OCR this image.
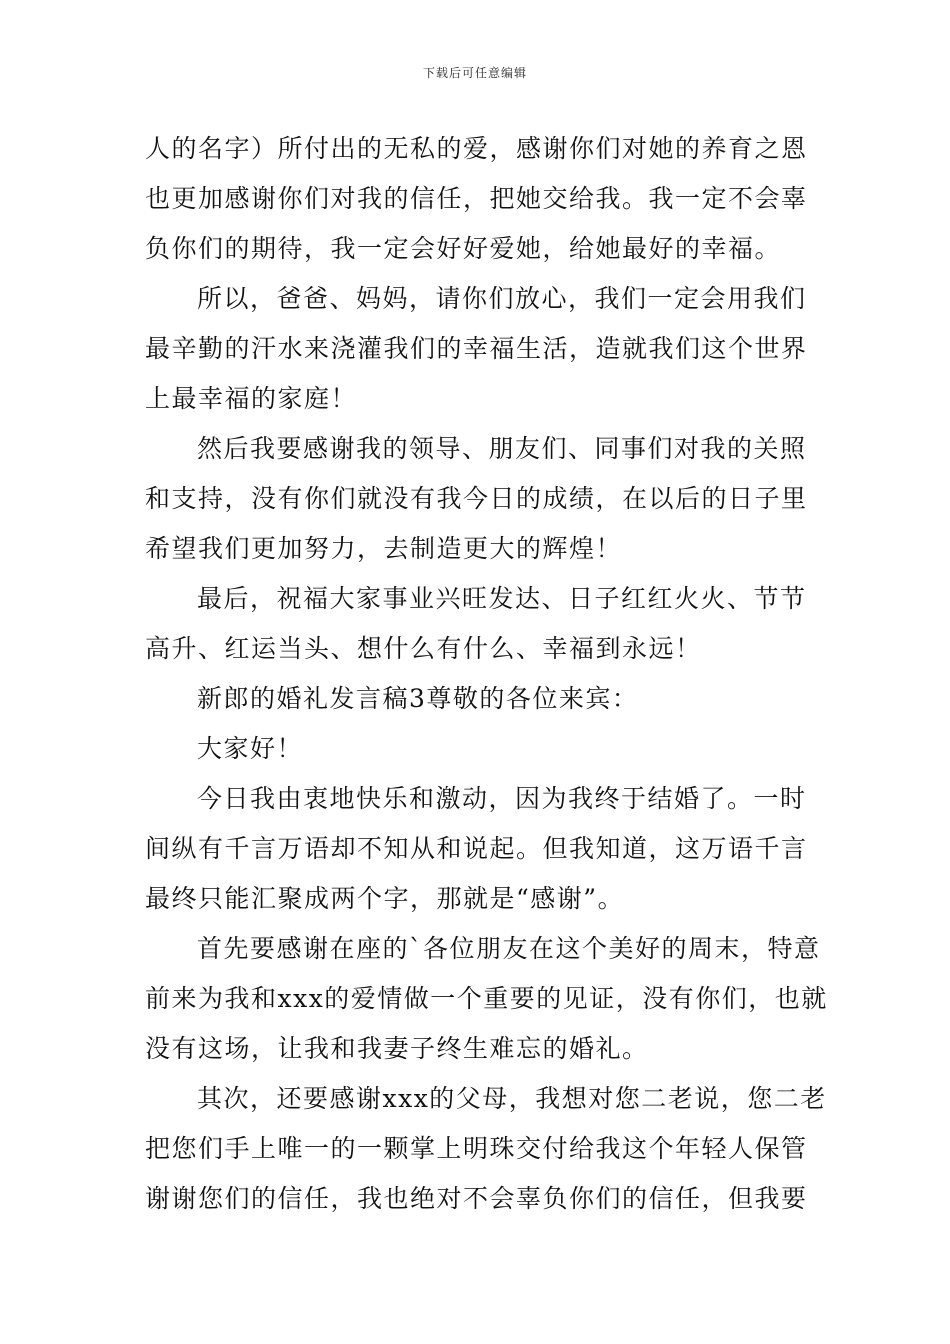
下载后可任意编辑
人的名字）所付出的无私的爱，感谢你们对她的养育之恩
也更加感谢你们对我的信任，把她交给我。我一定不会辜
负你们的期待，我一定会好好爱她，给她最好的幸福。
所以，爸爸、妈妈，请你们放心，我们一定会用我们
最辛勤的汗水来浇灌我们的幸福生活，造就我们这个世界
上最幸福的家庭！
然后我要感谢我的领导、朋友们、同事们对我的关照
和支持，没有你们就没有我今日的成绩，在以后的日子里
希望我们更加努力，去制造更大的辉煌！
最后，祝福大家事业兴旺发达、日子红红火火、节节
高升、红运当头、想什么有什么、幸福到永远！
新郎的婚礼发言稿3尊敬的各位来宾：
大家好！
今日我由衷地快乐和激动，因为我终于结婚了。一时
间纵有千言万语却不知从和说起。但我知道，这万语千言
最终只能汇聚成两个字，那就是“感谢”。
首先要感谢在座的`各位朋友在这个美好的周末，特意
前来为我和xxx的爱情做一个重要的见证，没有你们，也就
没有这场，让我和我妻子终生难忘的婚礼。
其次，还要感谢xxx的父母，我想对您二老说，您二老
把您们手上唯一的一颗掌上明珠交付给我这个年轻人保管
谢谢您们的信任，我也绝对不会辜负你们的信任，但我要
